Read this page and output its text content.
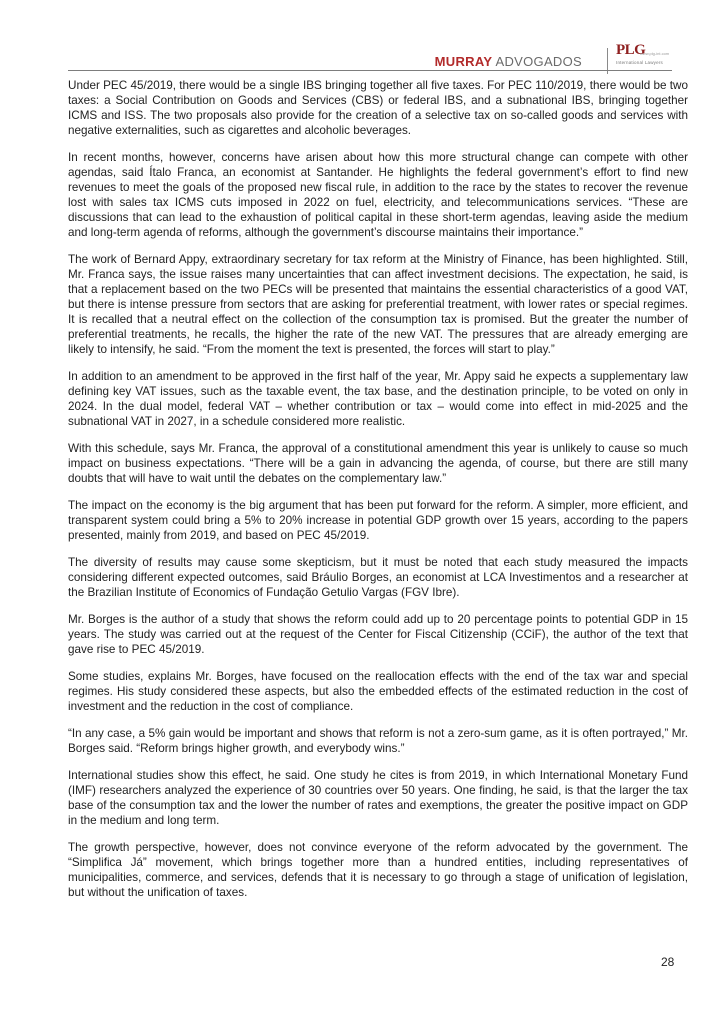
MURRAY ADVOGADOS
PLG
www.plg-int.com
International Lawyers

Under PEC 45/2019, there would be a single IBS bringing together all five taxes. For PEC 110/2019, there would be two taxes: a Social Contribution on Goods and Services (CBS) or federal IBS, and a subnational IBS, bringing together ICMS and ISS. The two proposals also provide for the creation of a selective tax on so-called goods and services with negative externalities, such as cigarettes and alcoholic beverages.

In recent months, however, concerns have arisen about how this more structural change can compete with other agendas, said Ítalo Franca, an economist at Santander. He highlights the federal government’s effort to find new revenues to meet the goals of the proposed new fiscal rule, in addition to the race by the states to recover the revenue lost with sales tax ICMS cuts imposed in 2022 on fuel, electricity, and telecommunications services. “These are discussions that can lead to the exhaustion of political capital in these short-term agendas, leaving aside the medium and long-term agenda of reforms, although the government’s discourse maintains their importance.”

The work of Bernard Appy, extraordinary secretary for tax reform at the Ministry of Finance, has been highlighted. Still, Mr. Franca says, the issue raises many uncertainties that can affect investment decisions. The expectation, he said, is that a replacement based on the two PECs will be presented that maintains the essential characteristics of a good VAT, but there is intense pressure from sectors that are asking for preferential treatment, with lower rates or special regimes. It is recalled that a neutral effect on the collection of the consumption tax is promised. But the greater the number of preferential treatments, he recalls, the higher the rate of the new VAT. The pressures that are already emerging are likely to intensify, he said. “From the moment the text is presented, the forces will start to play.”

In addition to an amendment to be approved in the first half of the year, Mr. Appy said he expects a supplementary law defining key VAT issues, such as the taxable event, the tax base, and the destination principle, to be voted on only in 2024. In the dual model, federal VAT – whether contribution or tax – would come into effect in mid-2025 and the subnational VAT in 2027, in a schedule considered more realistic.

With this schedule, says Mr. Franca, the approval of a constitutional amendment this year is unlikely to cause so much impact on business expectations. “There will be a gain in advancing the agenda, of course, but there are still many doubts that will have to wait until the debates on the complementary law.”

The impact on the economy is the big argument that has been put forward for the reform. A simpler, more efficient, and transparent system could bring a 5% to 20% increase in potential GDP growth over 15 years, according to the papers presented, mainly from 2019, and based on PEC 45/2019.

The diversity of results may cause some skepticism, but it must be noted that each study measured the impacts considering different expected outcomes, said Bráulio Borges, an economist at LCA Investimentos and a researcher at the Brazilian Institute of Economics of Fundação Getulio Vargas (FGV Ibre).

Mr. Borges is the author of a study that shows the reform could add up to 20 percentage points to potential GDP in 15 years. The study was carried out at the request of the Center for Fiscal Citizenship (CCiF), the author of the text that gave rise to PEC 45/2019.

Some studies, explains Mr. Borges, have focused on the reallocation effects with the end of the tax war and special regimes. His study considered these aspects, but also the embedded effects of the estimated reduction in the cost of investment and the reduction in the cost of compliance.

“In any case, a 5% gain would be important and shows that reform is not a zero-sum game, as it is often portrayed,” Mr. Borges said. “Reform brings higher growth, and everybody wins.”

International studies show this effect, he said. One study he cites is from 2019, in which International Monetary Fund (IMF) researchers analyzed the experience of 30 countries over 50 years. One finding, he said, is that the larger the tax base of the consumption tax and the lower the number of rates and exemptions, the greater the positive impact on GDP in the medium and long term.

The growth perspective, however, does not convince everyone of the reform advocated by the government. The “Simplifica Já” movement, which brings together more than a hundred entities, including representatives of municipalities, commerce, and services, defends that it is necessary to go through a stage of unification of legislation, but without the unification of taxes.

28
